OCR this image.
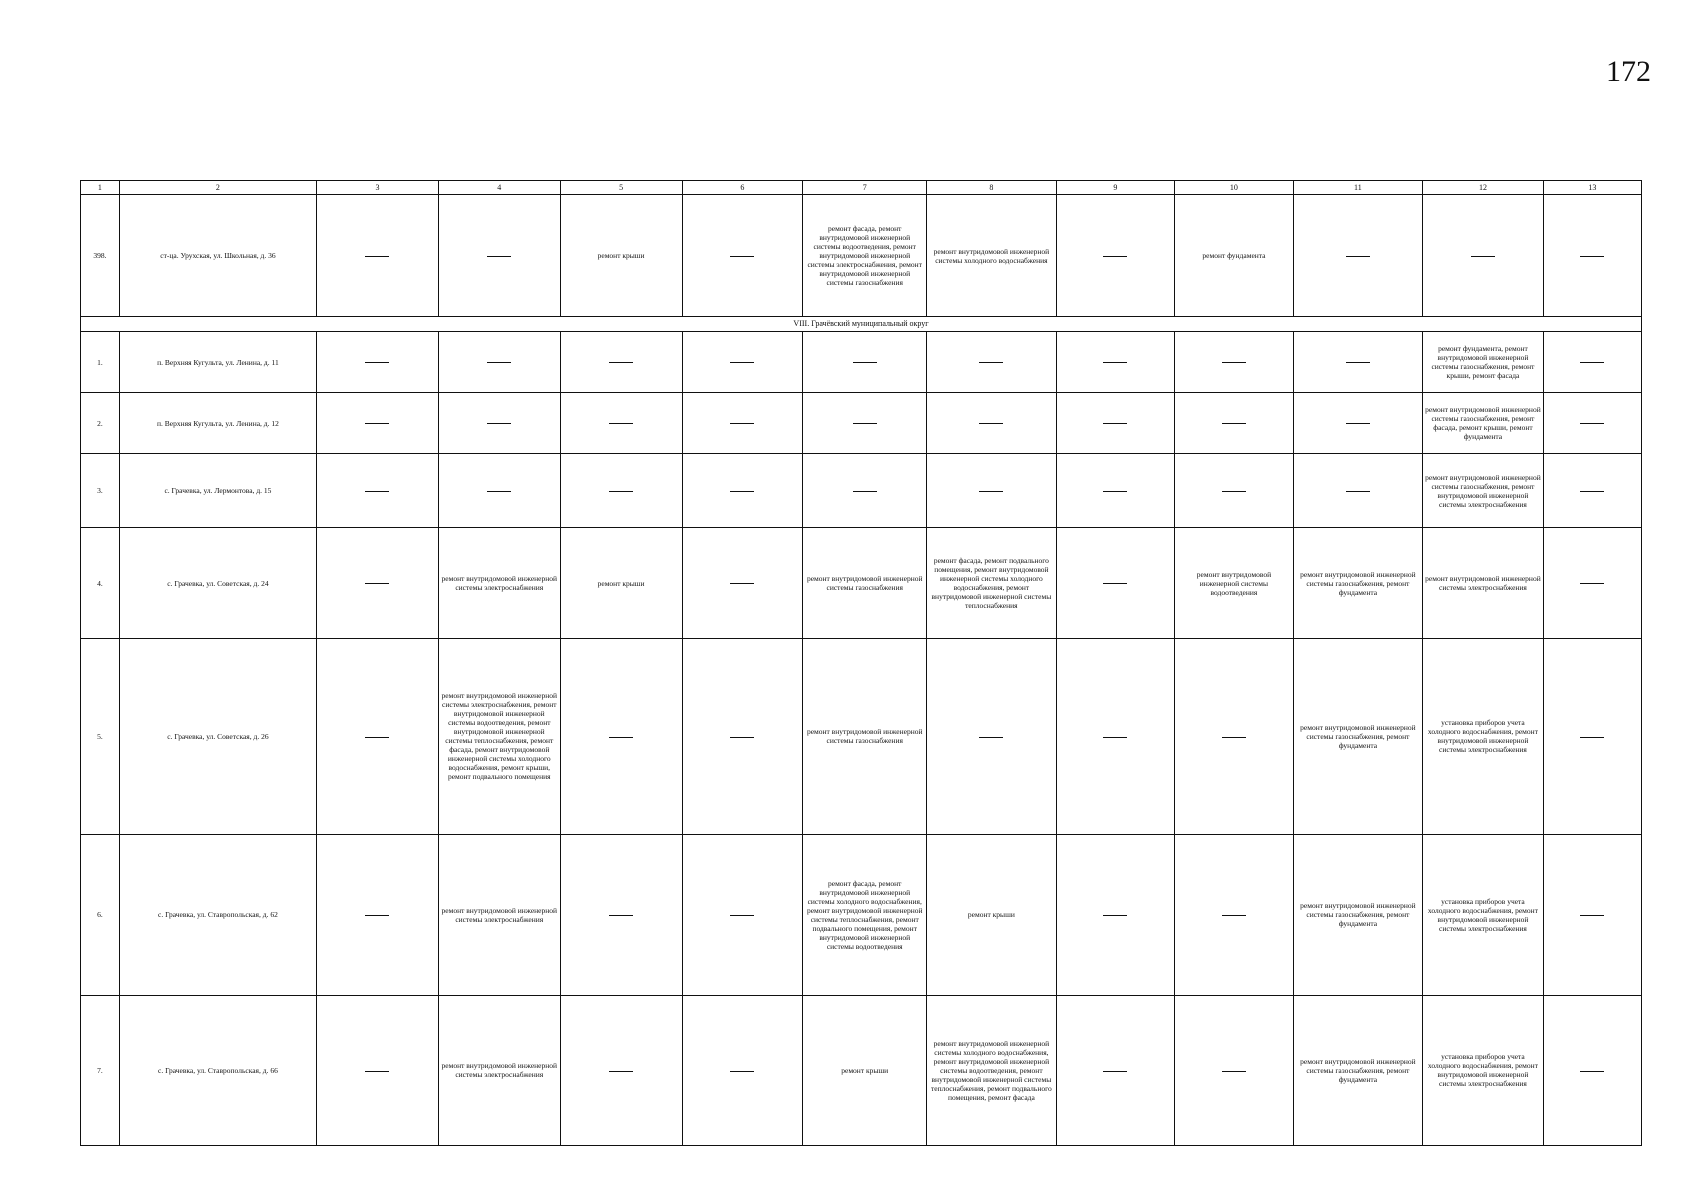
172
1	2	3	4	5	6	7	8	9	10	11	12	13
398.	ст-ца. Урухская, ул. Школьная, д. 36			ремонт крыши		ремонт фасада, ремонт внутридомовой инженерной системы водоотведения, ремонт внутридомовой инженерной системы электроснабжения, ремонт внутридомовой инженерной системы газоснабжения	ремонт внутридомовой инженерной системы холодного водоснабжения		ремонт фундамента			

VIII. Грачёвский муниципальный округ												
1.	п. Верхняя Кугульта, ул. Ленина, д. 11										ремонт фундамента, ремонт внутридомовой инженерной системы газоснабжения, ремонт крыши, ремонт фасада	

2.	п. Верхняя Кугульта, ул. Ленина, д. 12										ремонт внутридомовой инженерной системы газоснабжения, ремонт фасада, ремонт крыши, ремонт фундамента	

3.	с. Грачевка, ул. Лермонтова, д. 15										ремонт внутридомовой инженерной системы газоснабжения, ремонт внутридомовой инженерной системы электроснабжения	

4.	с. Грачевка, ул. Советская, д. 24		ремонт внутридомовой инженерной системы электроснабжения	ремонт крыши		ремонт внутридомовой инженерной системы газоснабжения	ремонт фасада, ремонт подвального помещения, ремонт внутридомовой инженерной системы холодного водоснабжения, ремонт внутридомовой инженерной системы теплоснабжения		ремонт внутридомовой инженерной системы водоотведения	ремонт внутридомовой инженерной системы газоснабжения, ремонт фундамента	ремонт внутридомовой инженерной системы электроснабжения	

5.	с. Грачевка, ул. Советская, д. 26		ремонт внутридомовой инженерной системы электроснабжения, ремонт внутридомовой инженерной системы водоотведения, ремонт внутридомовой инженерной системы теплоснабжения, ремонт фасада, ремонт внутридомовой инженерной системы холодного водоснабжения, ремонт крыши, ремонт подвального помещения			ремонт внутридомовой инженерной системы газоснабжения				ремонт внутридомовой инженерной системы газоснабжения, ремонт фундамента	установка приборов учета холодного водоснабжения, ремонт внутридомовой инженерной системы электроснабжения	

6.	с. Грачевка, ул. Ставропольская, д. 62		ремонт внутридомовой инженерной системы электроснабжения			ремонт фасада, ремонт внутридомовой инженерной системы холодного водоснабжения, ремонт внутридомовой инженерной системы теплоснабжения, ремонт подвального помещения, ремонт внутридомовой инженерной системы водоотведения	ремонт крыши			ремонт внутридомовой инженерной системы газоснабжения, ремонт фундамента	установка приборов учета холодного водоснабжения, ремонт внутридомовой инженерной системы электроснабжения	

7.	с. Грачевка, ул. Ставропольская, д. 66		ремонт внутридомовой инженерной системы электроснабжения			ремонт крыши	ремонт внутридомовой инженерной системы холодного водоснабжения, ремонт внутридомовой инженерной системы водоотведения, ремонт внутридомовой инженерной системы теплоснабжения, ремонт подвального помещения, ремонт фасада			ремонт внутридомовой инженерной системы газоснабжения, ремонт фундамента	установка приборов учета холодного водоснабжения, ремонт внутридомовой инженерной системы электроснабжения	
